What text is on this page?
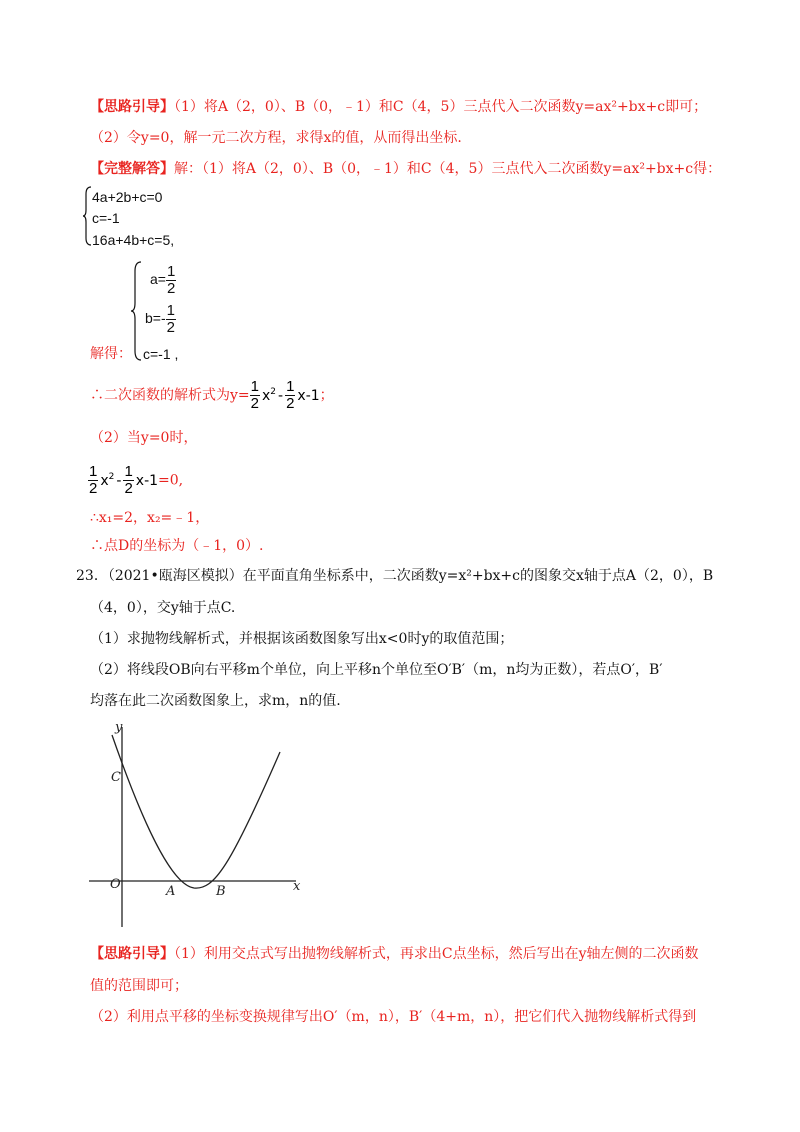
【思路引导】（1）将A（2，0）、B（0，﹣1）和C（4，5）三点代入二次函数y=ax²+bx+c即可；
（2）令y=0，解一元二次方程，求得x的值，从而得出坐标.
【完整解答】解：（1）将A（2，0）、B（0，﹣1）和C（4，5）三点代入二次函数y=ax²+bx+c得：
4a+2b+c=0
c=-1
16a+4b+c=5,
解得：
$a= \frac{1}{2}$
$b=- \frac{1}{2}$
c=-1 ,
∴二次函数的解析式为$y= \frac{1}{2} x^2 - \frac{1}{2} x-1$；
（2）当y=0时，
$\frac{1}{2} x^2 - \frac{1}{2} x-1=0$,
∴x₁=2，x₂=﹣1，
∴点D的坐标为（﹣1，0）.
23．（2021•瓯海区模拟）在平面直角坐标系中，二次函数y=x²+bx+c的图象交x轴于点A（2，0），B
（4，0），交y轴于点C.
（1）求抛物线解析式，并根据该函数图象写出x<0时y的取值范围；
（2）将线段OB向右平移m个单位，向上平移n个单位至O′B′（m，n均为正数），若点O′，B′
均落在此二次函数图象上，求m，n的值.
y
x
O
C
A	B
【思路引导】（1）利用交点式写出抛物线解析式，再求出C点坐标，然后写出在y轴左侧的二次函数
值的范围即可；
（2）利用点平移的坐标变换规律写出O′（m，n），B′（4+m，n），把它们代入抛物线解析式得到
